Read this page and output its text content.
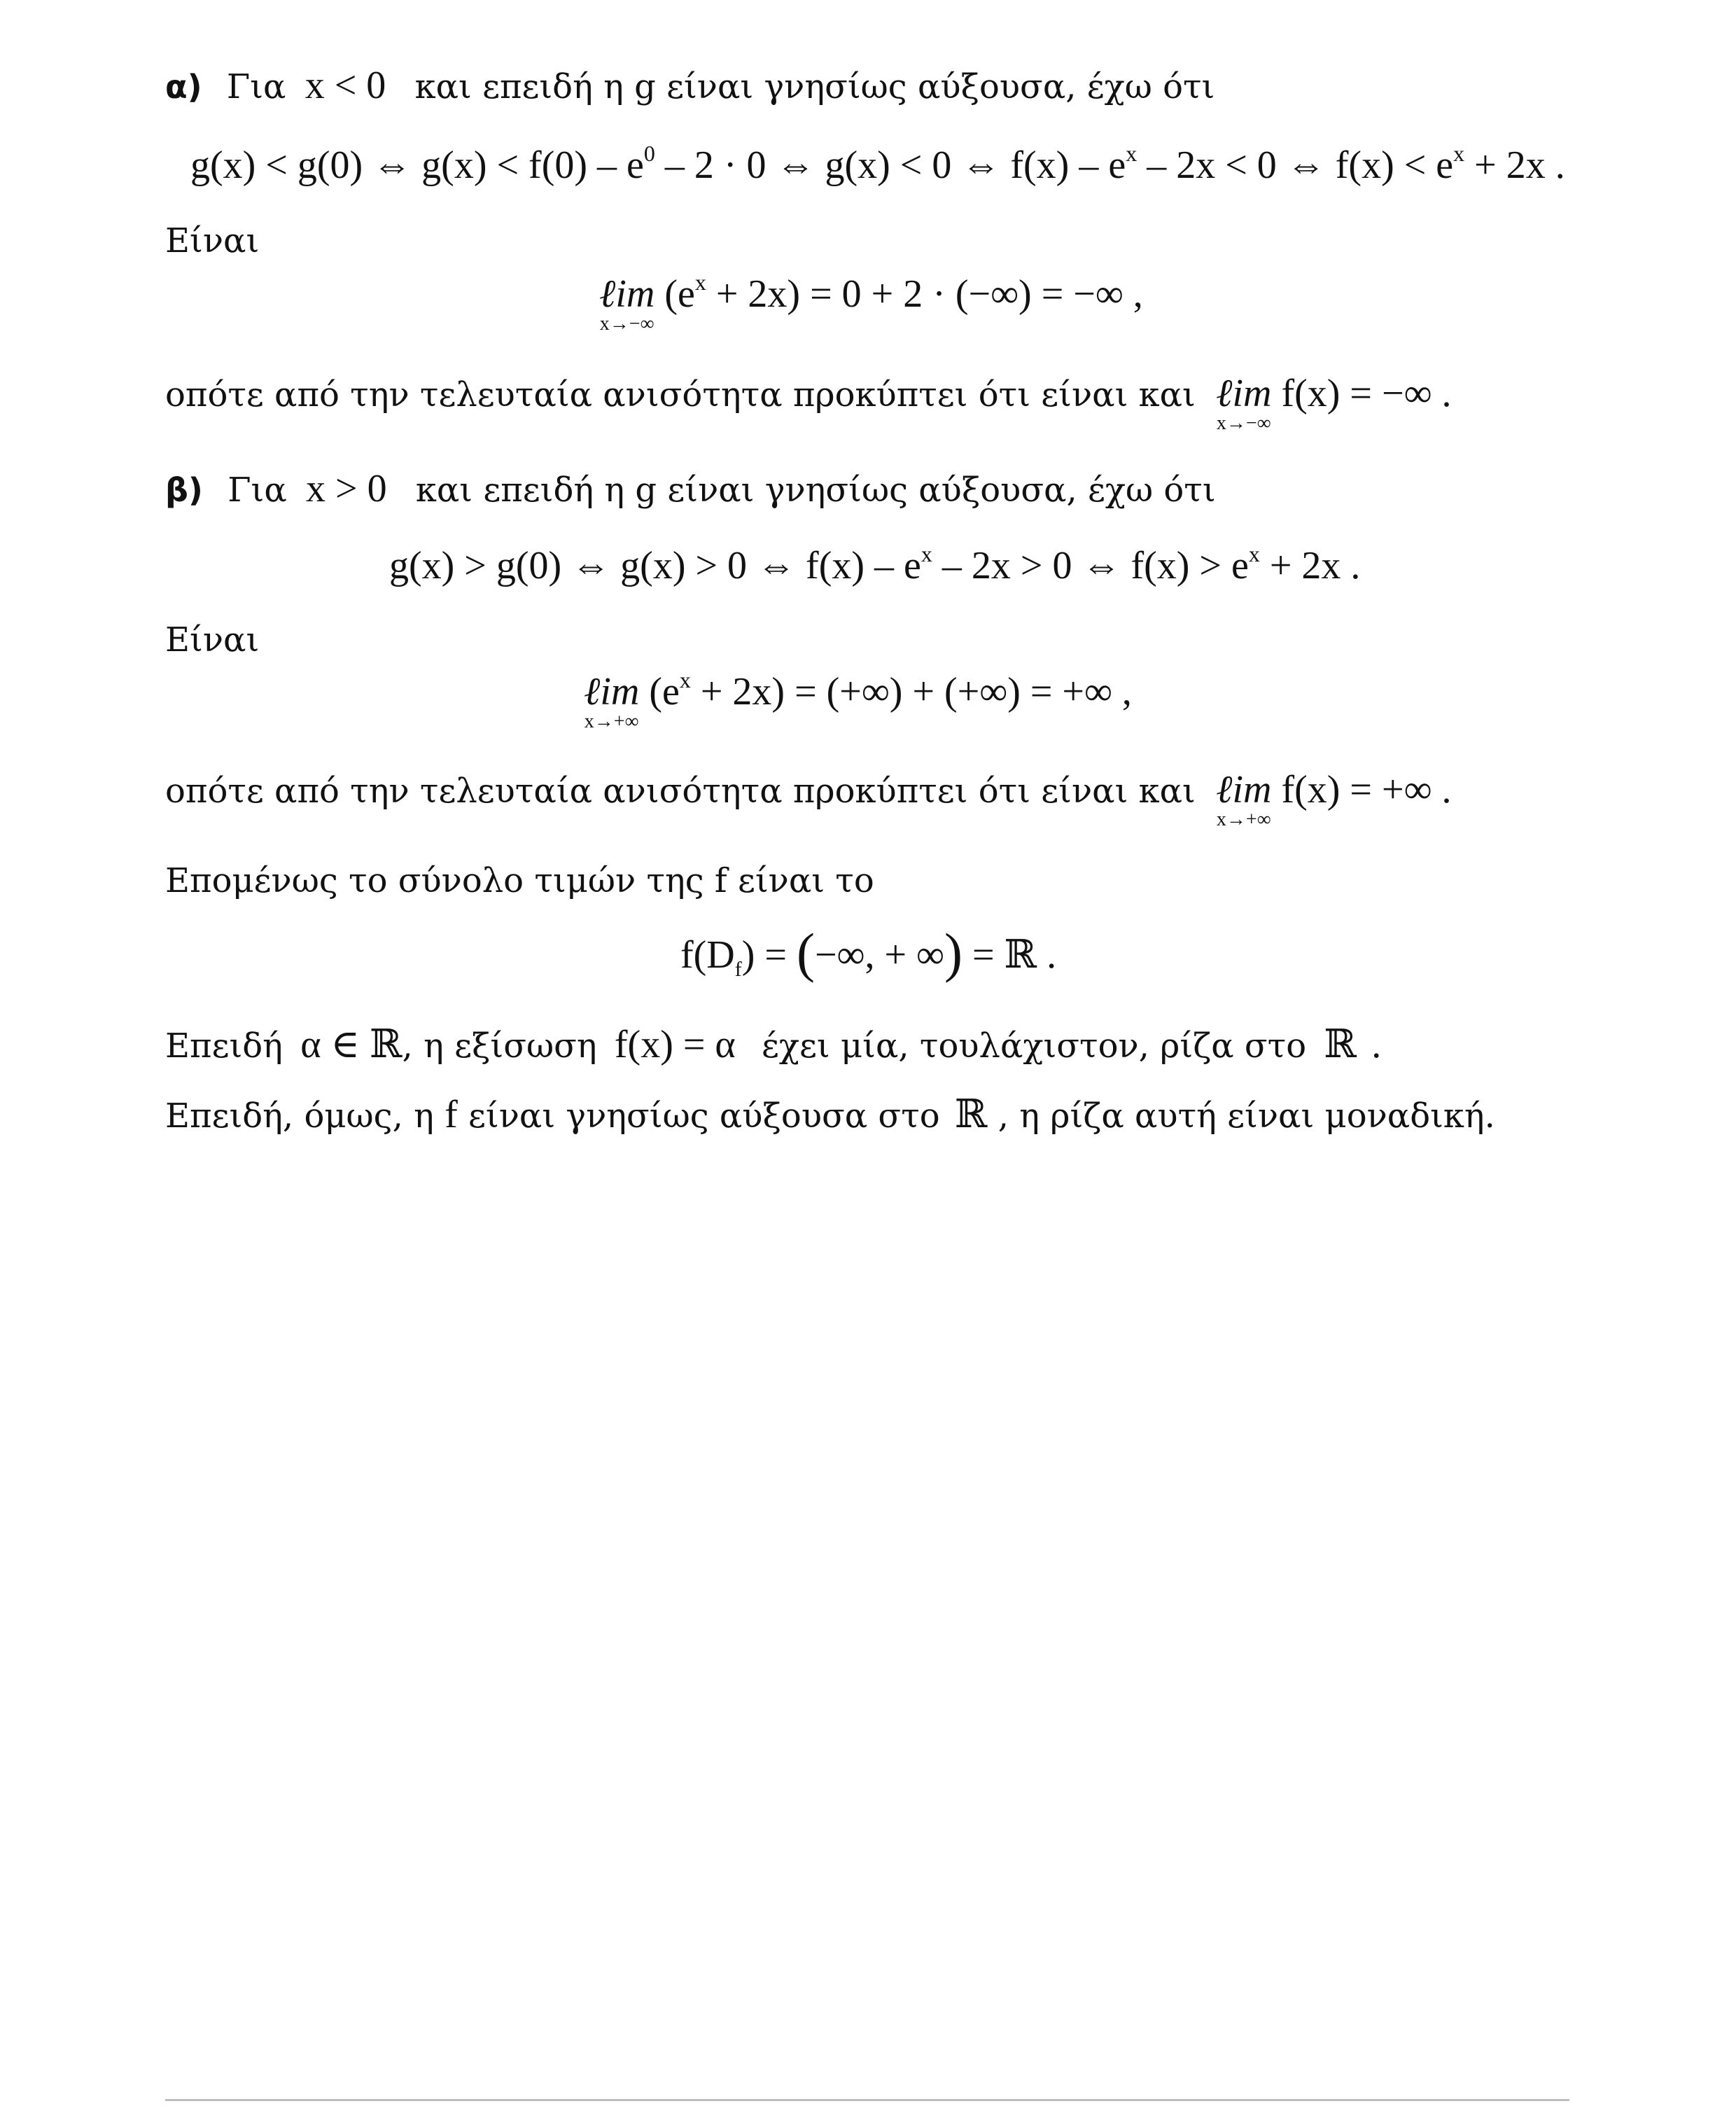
α) Για x < 0 και επειδή η g είναι γνησίως αύξουσα, έχω ότι
g(x) < g(0) ⇔ $g(x) < f(0) - e^0 - 2 \cdot 0$ ⇔ g(x) < 0 ⇔ $f(x) - e^x - 2x < 0$ ⇔ $f(x) < e^x + 2x$ .
Είναι
ℓim
x→−∞
$(e^x + 2x) = 0 + 2$ · (−∞) = −∞ ,
οπότε από την τελευταία ανισότητα προκύπτει ότι είναι και ℓim
x→−∞
f(x) = −∞ .
β) Για x > 0 και επειδή η g είναι γνησίως αύξουσα, έχω ότι
g(x) > g(0) ⇔ g(x) > 0 ⇔ $f(x) - e^x - 2x > 0$ ⇔ $f(x) > e^x + 2x$ .
Είναι
ℓim
x→+∞
$(e^x + 2x)$ = (+∞) + (+∞) = +∞ ,
οπότε από την τελευταία ανισότητα προκύπτει ότι είναι και ℓim
x→+∞
f(x) = +∞ .
Επομένως το σύνολο τιμών της f είναι το
$f(D_f)$ = (−∞, + ∞) = ℝ .
Επειδή α ∈ ℝ, η εξίσωση f(x) = α έχει μία, τουλάχιστον, ρίζα στο ℝ .
Επειδή, όμως, η f είναι γνησίως αύξουσα στο ℝ , η ρίζα αυτή είναι μοναδική.
